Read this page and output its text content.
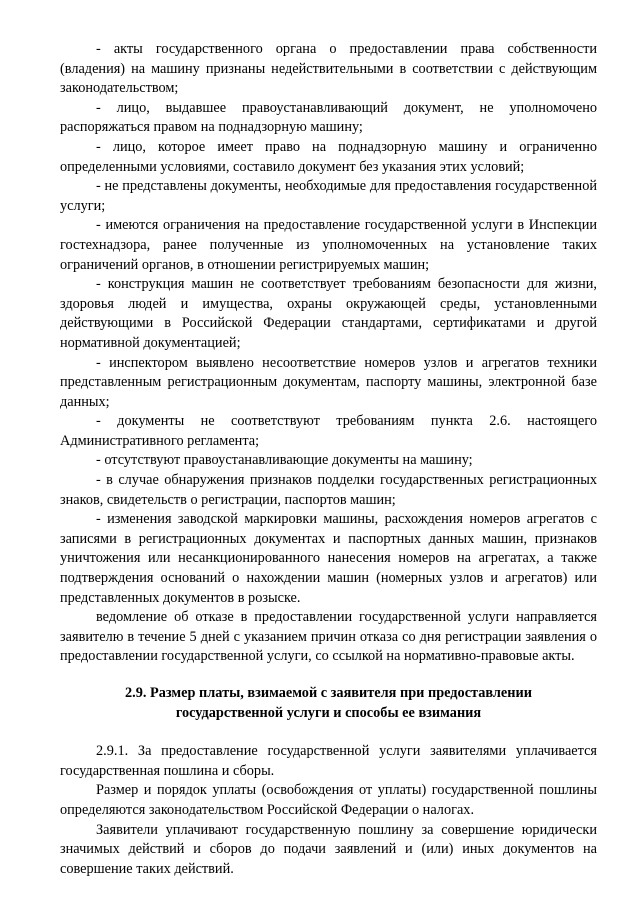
- акты государственного органа о предоставлении права собственности (владения) на машину признаны недействительными в соответствии с действующим законодательством;

- лицо, выдавшее правоустанавливающий документ, не уполномочено распоряжаться правом на поднадзорную машину;

- лицо, которое имеет право на поднадзорную машину и ограниченно определенными условиями, составило документ без указания этих условий;

- не представлены документы, необходимые для предоставления государственной услуги;

- имеются ограничения на предоставление государственной услуги в Инспекции гостехнадзора, ранее полученные из уполномоченных на установление таких ограничений органов, в отношении регистрируемых машин;

- конструкция машин не соответствует требованиям безопасности для жизни, здоровья людей и имущества, охраны окружающей среды, установленными действующими в Российской Федерации стандартами, сертификатами и другой нормативной документацией;

- инспектором выявлено несоответствие номеров узлов и агрегатов техники представленным регистрационным документам, паспорту машины, электронной базе данных;

- документы не соответствуют требованиям пункта 2.6. настоящего Административного регламента;

- отсутствуют правоустанавливающие документы на машину;

- в случае обнаружения признаков подделки государственных регистрационных знаков, свидетельств о регистрации, паспортов машин;

- изменения заводской маркировки машины, расхождения номеров агрегатов с записями в регистрационных документах и паспортных данных машин, признаков уничтожения или несанкционированного нанесения номеров на агрегатах, а также подтверждения оснований о нахождении машин (номерных узлов и агрегатов) или представленных документов в розыске.

ведомление об отказе в предоставлении государственной услуги направляется заявителю в течение 5 дней с указанием причин отказа со дня регистрации заявления о предоставлении государственной услуги, со ссылкой на нормативно-правовые акты.

2.9. Размер платы, взимаемой с заявителя при предоставлении
государственной услуги и способы ее взимания

2.9.1. За предоставление государственной услуги заявителями уплачивается государственная пошлина и сборы.

Размер и порядок уплаты (освобождения от уплаты) государственной пошлины определяются законодательством Российской Федерации о налогах.

Заявители уплачивают государственную пошлину за совершение юридически значимых действий и сборов до подачи заявлений и (или) иных документов на совершение таких действий.
